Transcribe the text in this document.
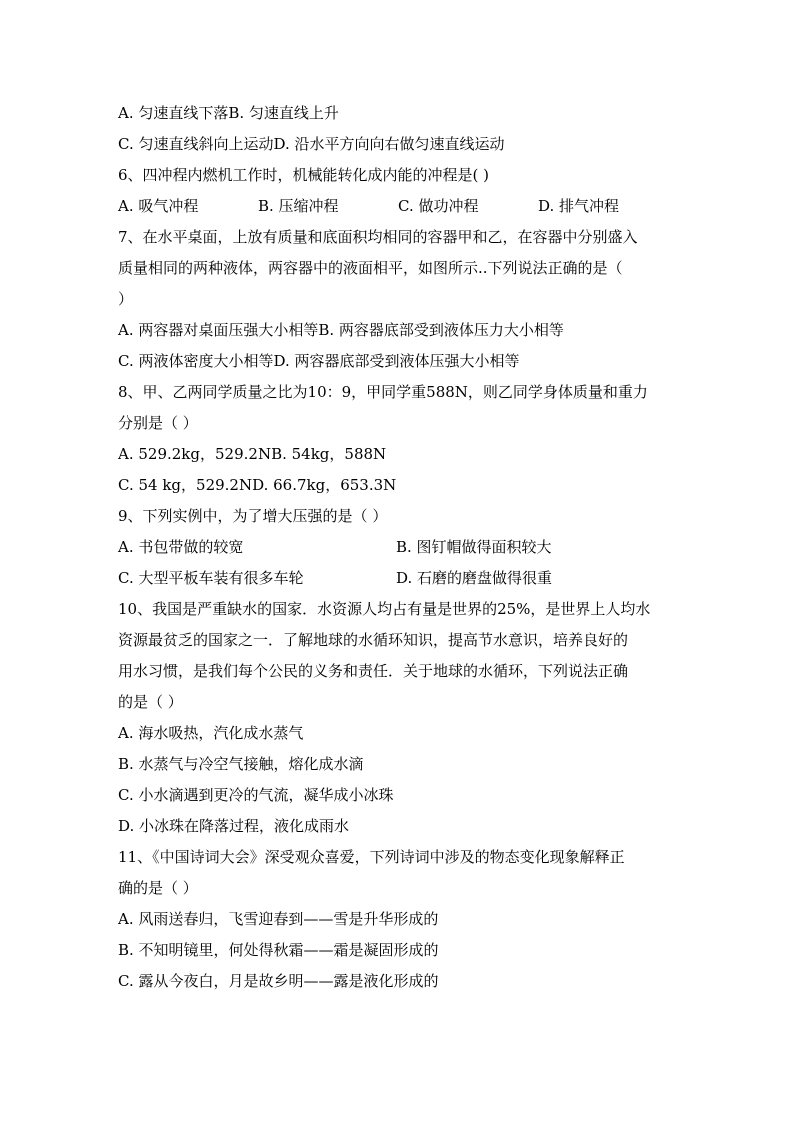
A. 匀速直线下落B. 匀速直线上升
C. 匀速直线斜向上运动D. 沿水平方向向右做匀速直线运动
6、四冲程内燃机工作时，机械能转化成内能的冲程是( )
A. 吸气冲程	B. 压缩冲程	C. 做功冲程	D. 排气冲程
7、在水平桌面，上放有质量和底面积均相同的容器甲和乙，在容器中分别盛入
质量相同的两种液体，两容器中的液面相平，如图所示..下列说法正确的是（
）
A. 两容器对桌面压强大小相等B. 两容器底部受到液体压力大小相等
C. 两液体密度大小相等D. 两容器底部受到液体压强大小相等
8、甲、乙两同学质量之比为10：9，甲同学重588N，则乙同学身体质量和重力
分别是（ ）
A. 529.2kg，529.2NB. 54kg，588N
C. 54 kg，529.2ND. 66.7kg，653.3N
9、下列实例中，为了增大压强的是（ ）
A. 书包带做的较宽	B. 图钉帽做得面积较大
C. 大型平板车装有很多车轮	D. 石磨的磨盘做得很重
10、我国是严重缺水的国家．水资源人均占有量是世界的25%，是世界上人均水
资源最贫乏的国家之一．了解地球的水循环知识，提高节水意识，培养良好的
用水习惯，是我们每个公民的义务和责任．关于地球的水循环，下列说法正确
的是（ ）
A. 海水吸热，汽化成水蒸气
B. 水蒸气与冷空气接触，熔化成水滴
C. 小水滴遇到更冷的气流，凝华成小冰珠
D. 小冰珠在降落过程，液化成雨水
11、《中国诗词大会》深受观众喜爱，下列诗词中涉及的物态变化现象解释正
确的是（ ）
A. 风雨送春归，飞雪迎春到——雪是升华形成的
B. 不知明镜里，何处得秋霜——霜是凝固形成的
C. 露从今夜白，月是故乡明——露是液化形成的
